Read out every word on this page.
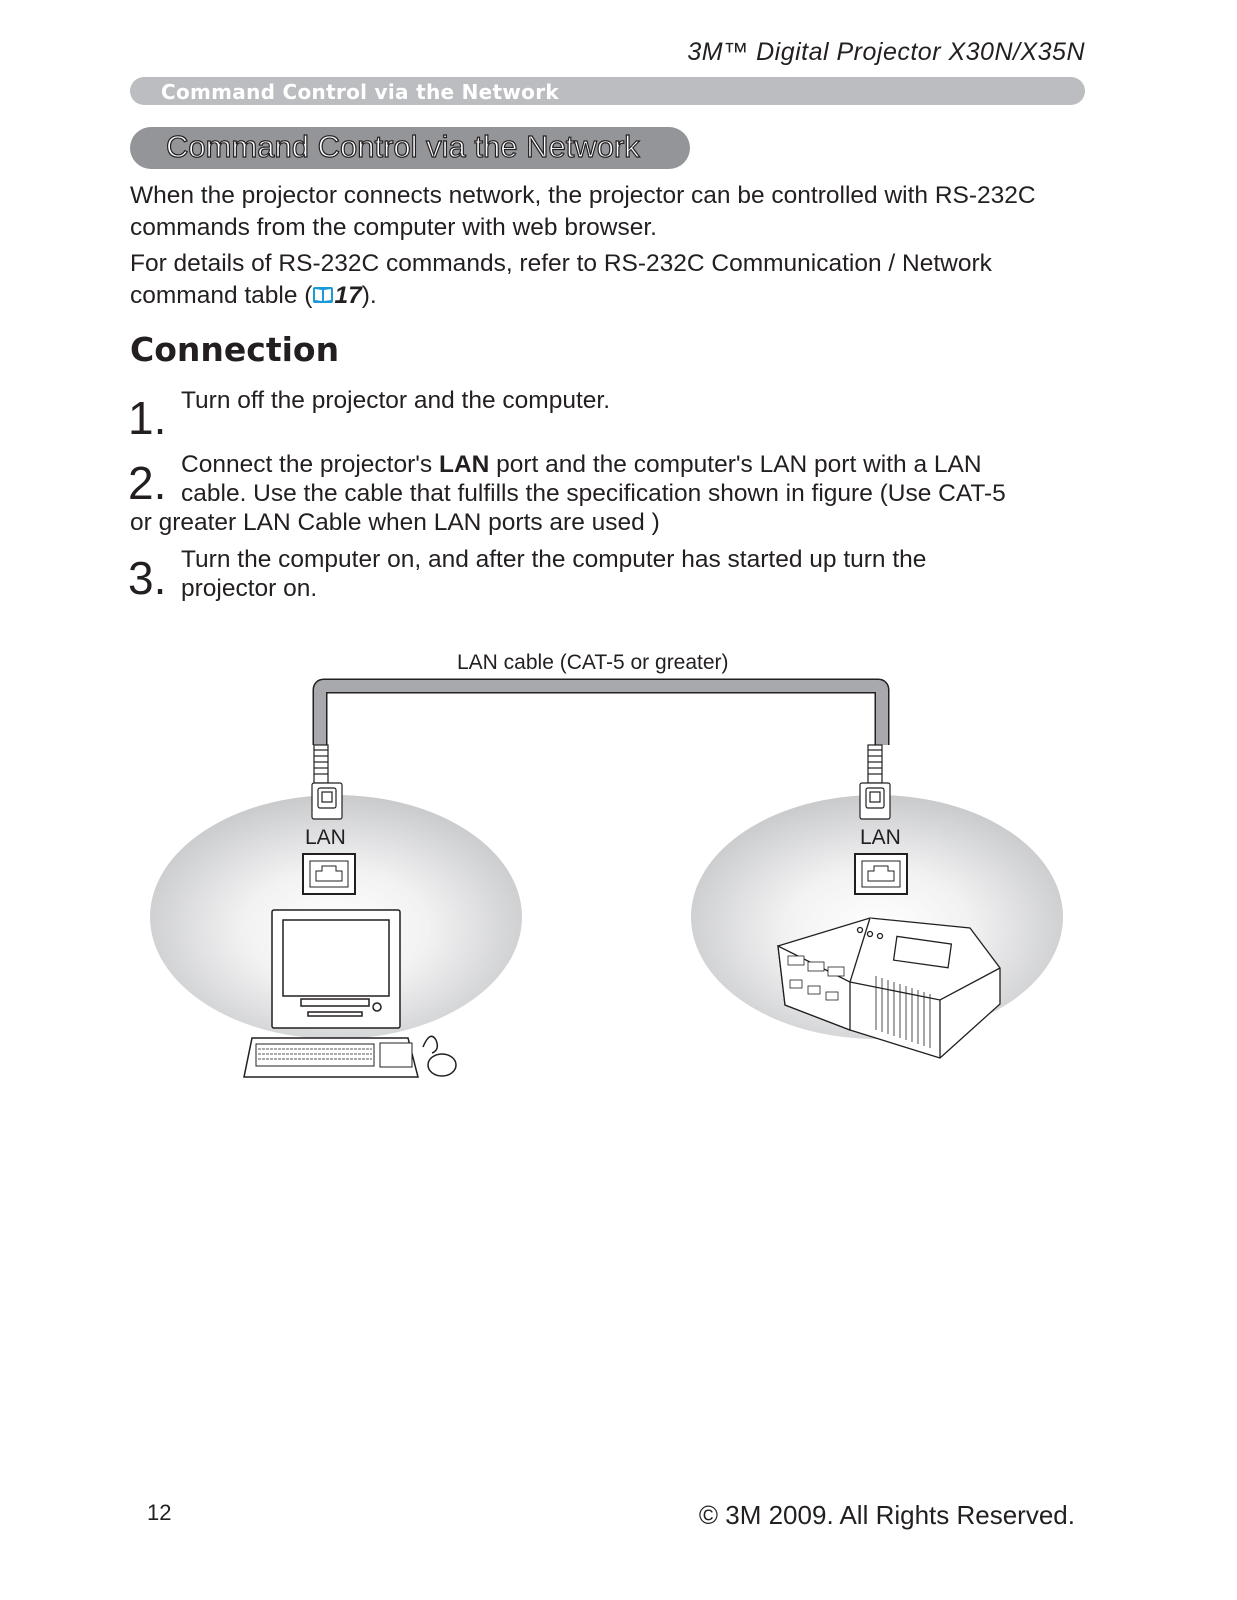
3M™ Digital Projector X30N/X35N
Command Control via the Network
Command Control via the Network
When the projector connects network, the projector can be controlled with RS-232C commands from the computer with web browser.
For details of RS-232C commands, refer to RS-232C Communication / Network command table ( 17).
Connection
1. Turn off the projector and the computer.
2. Connect the projector's LAN port and the computer's LAN port with a LAN
cable. Use the cable that fulfills the specification shown in figure (Use CAT-5
or greater LAN Cable when LAN ports are used )
3. Turn the computer on, and after the computer has started up turn the
projector on.
LAN cable (CAT-5 or greater)
LAN	LAN
12	© 3M 2009. All Rights Reserved.
